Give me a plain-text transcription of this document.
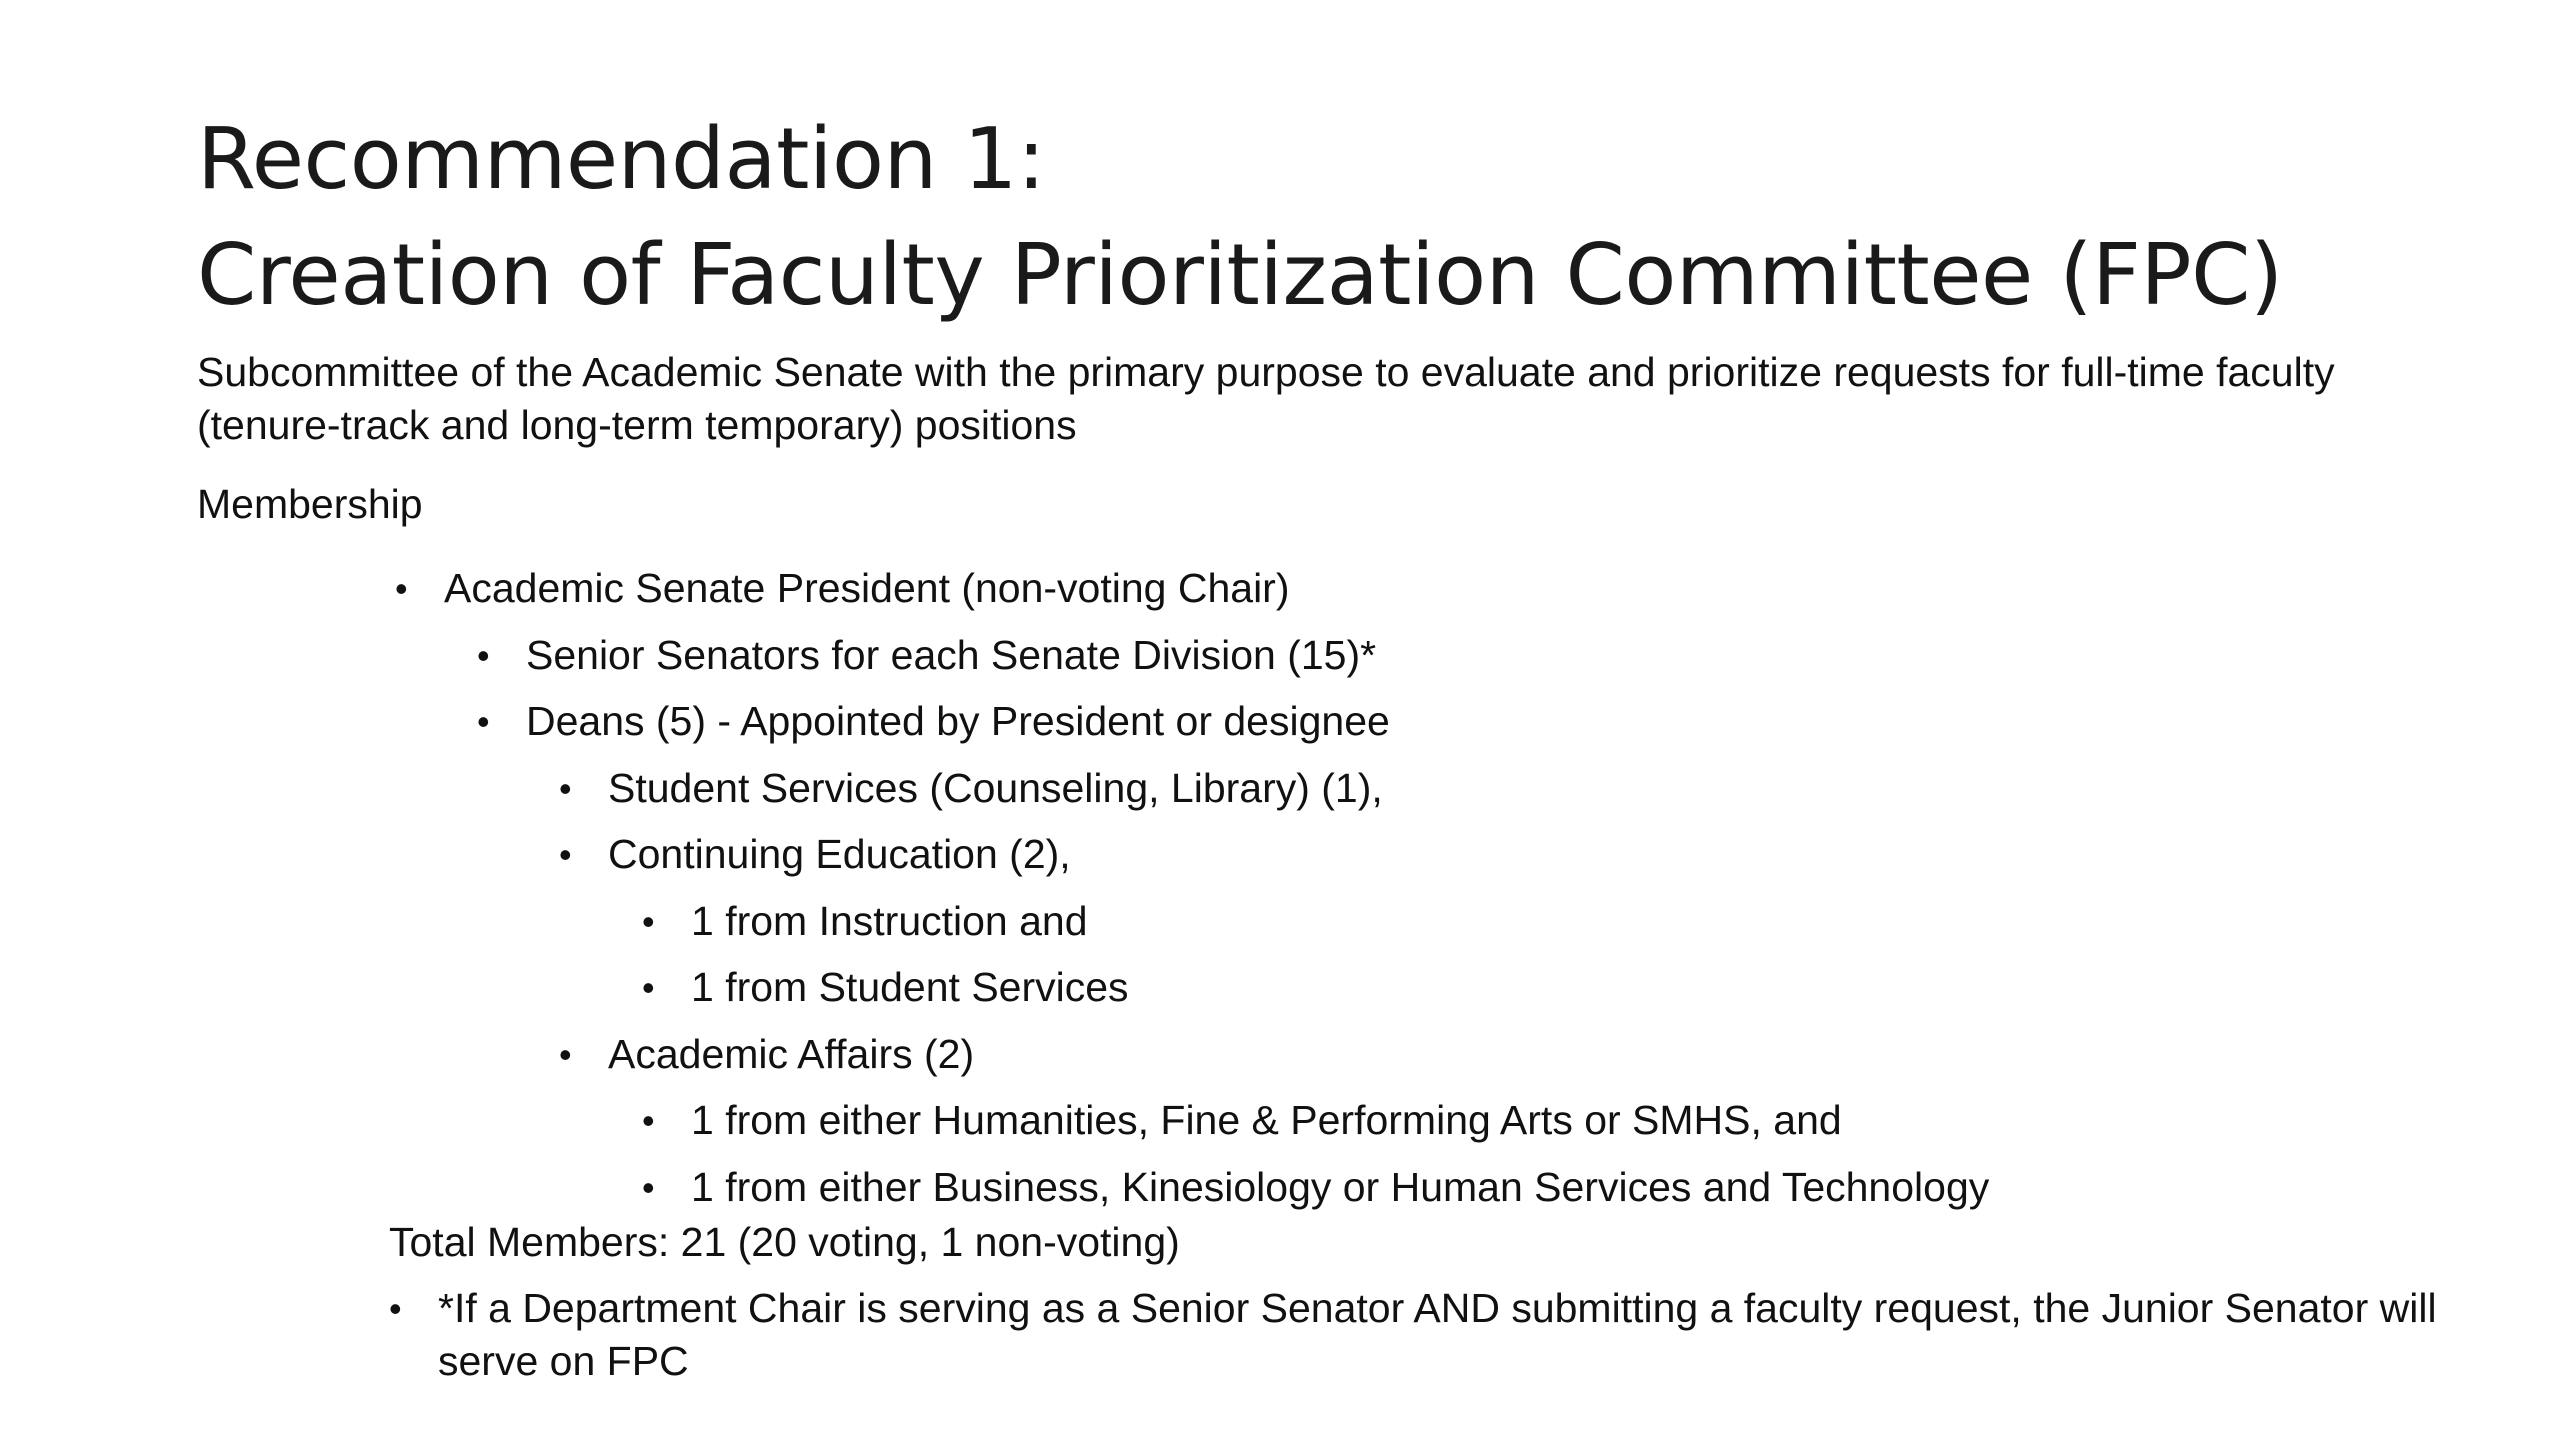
Recommendation 1:
Creation of Faculty Prioritization Committee (FPC)
Subcommittee of the Academic Senate with the primary purpose to evaluate and prioritize requests for full-time faculty (tenure-track and long-term temporary) positions
Membership
• Academic Senate President (non-voting Chair)
• Senior Senators for each Senate Division (15)*
• Deans (5) - Appointed by President or designee
• Student Services (Counseling, Library) (1),
• Continuing Education (2),
• 1 from Instruction and
• 1 from Student Services
• Academic Affairs (2)
• 1 from either Humanities, Fine & Performing Arts or SMHS, and
• 1 from either Business, Kinesiology or Human Services and Technology
Total Members: 21 (20 voting, 1 non-voting)
• *If a Department Chair is serving as a Senior Senator AND submitting a faculty request, the Junior Senator will serve on FPC
